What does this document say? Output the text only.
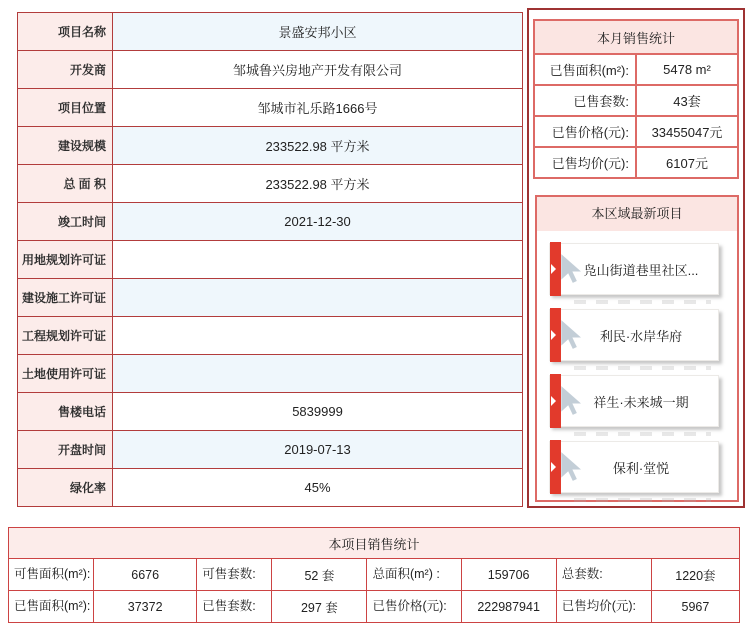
项目名称	景盛安邦小区
开发商	邹城鲁兴房地产开发有限公司
项目位置	邹城市礼乐路1666号
建设规模	233522.98 平方米
总 面 积	233522.98 平方米
竣工时间	2021-12-30
用地规划许可证	
建设施工许可证	
工程规划许可证	
土地使用许可证	
售楼电话	5839999
开盘时间	2019-07-13
绿化率	45%
本月销售统计	
已售面积(m²):	5478 m²
已售套数:	43套
已售价格(元):	33455047元
已售均价(元):	6107元
本区域最新项目
凫山街道巷里社区...
利民·水岸华府
祥生·未来城一期
保利·堂悦
本项目销售统计							
可售面积(m²):	6676	可售套数:	52 套	总面积(m²) :	159706	总套数:	1220套
已售面积(m²):	37372	已售套数:	297 套	已售价格(元):	222987941	已售均价(元):	5967
